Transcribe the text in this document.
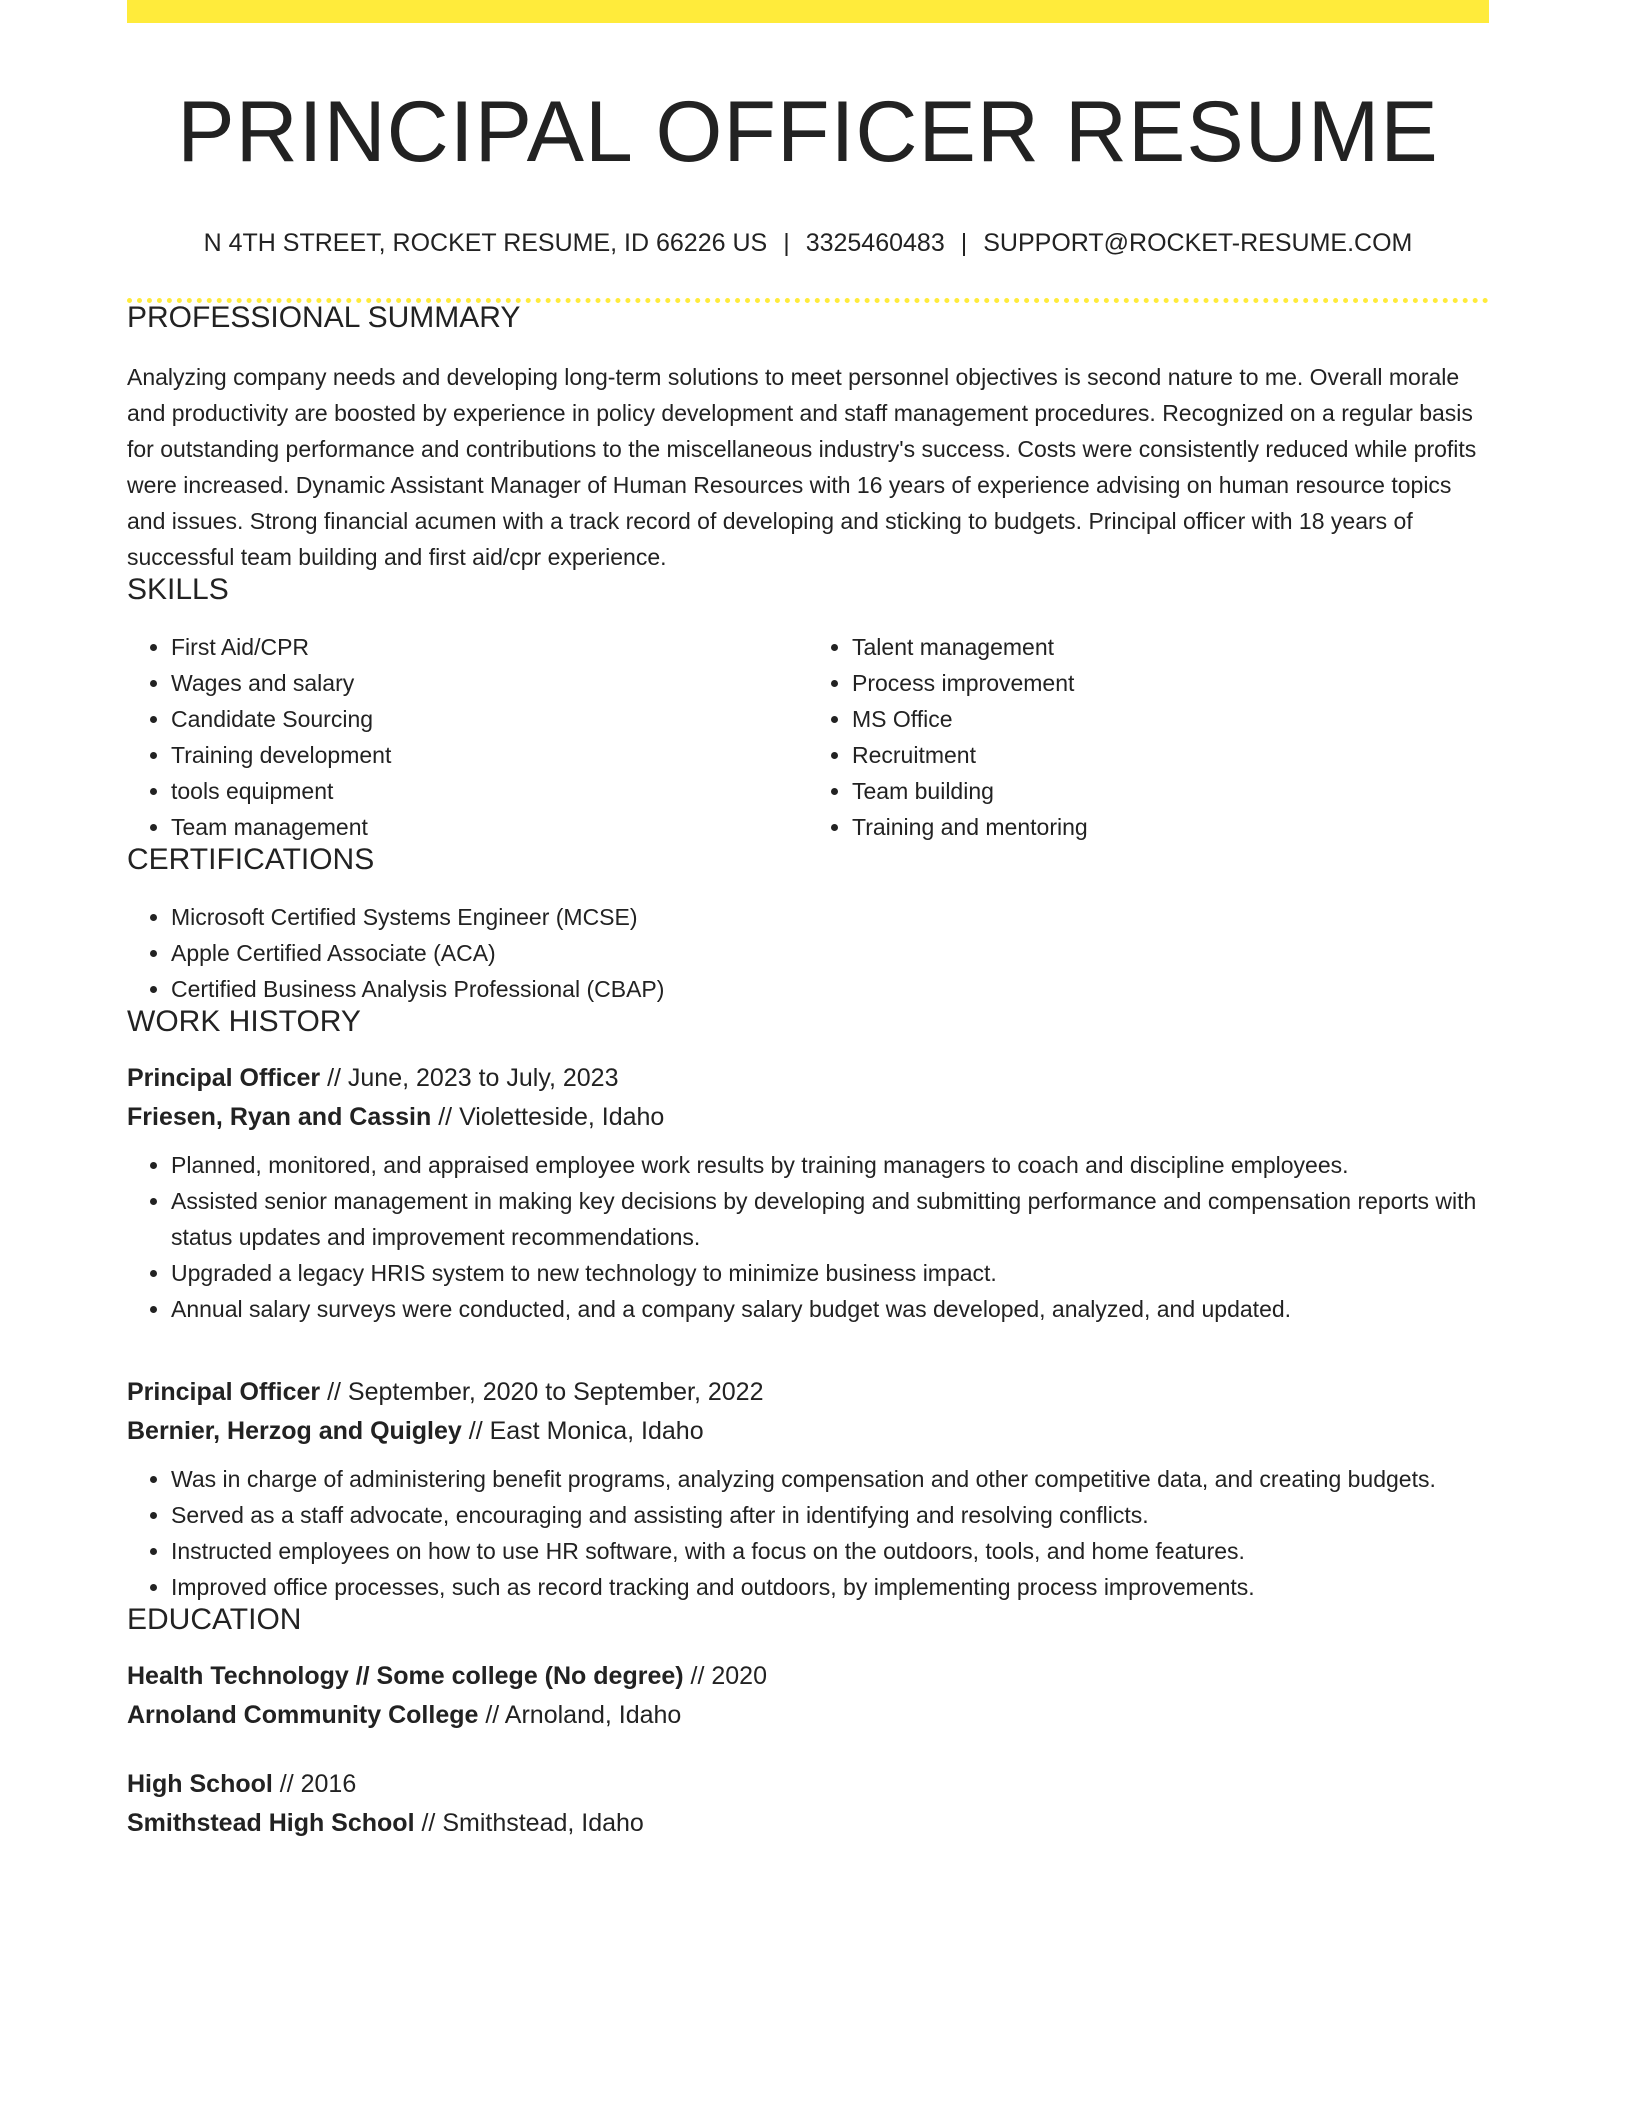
PRINCIPAL OFFICER RESUME
N 4TH STREET, ROCKET RESUME, ID 66226 US | 3325460483 | SUPPORT@ROCKET-RESUME.COM
PROFESSIONAL SUMMARY

Analyzing company needs and developing long-term solutions to meet personnel objectives is second nature to me. Overall morale and productivity are boosted by experience in policy development and staff management procedures. Recognized on a regular basis for outstanding performance and contributions to the miscellaneous industry's success. Costs were consistently reduced while profits were increased. Dynamic Assistant Manager of Human Resources with 16 years of experience advising on human resource topics and issues. Strong financial acumen with a track record of developing and sticking to budgets. Principal officer with 18 years of successful team building and first aid/cpr experience.

SKILLS
• First Aid/CPR
• Wages and salary
• Candidate Sourcing
• Training development
• tools equipment
• Team management
• Talent management
• Process improvement
• MS Office
• Recruitment
• Team building
• Training and mentoring
CERTIFICATIONS
• Microsoft Certified Systems Engineer (MCSE)
• Apple Certified Associate (ACA)
• Certified Business Analysis Professional (CBAP)
WORK HISTORY
Principal Officer // June, 2023 to July, 2023
Friesen, Ryan and Cassin // Violetteside, Idaho
• Planned, monitored, and appraised employee work results by training managers to coach and discipline employees.
• Assisted senior management in making key decisions by developing and submitting performance and compensation reports with status updates and improvement recommendations.
• Upgraded a legacy HRIS system to new technology to minimize business impact.
• Annual salary surveys were conducted, and a company salary budget was developed, analyzed, and updated.
Principal Officer // September, 2020 to September, 2022
Bernier, Herzog and Quigley // East Monica, Idaho
• Was in charge of administering benefit programs, analyzing compensation and other competitive data, and creating budgets.
• Served as a staff advocate, encouraging and assisting after in identifying and resolving conflicts.
• Instructed employees on how to use HR software, with a focus on the outdoors, tools, and home features.
• Improved office processes, such as record tracking and outdoors, by implementing process improvements.
EDUCATION
Health Technology // Some college (No degree) // 2020
Arnoland Community College // Arnoland, Idaho
High School // 2016
Smithstead High School // Smithstead, Idaho
